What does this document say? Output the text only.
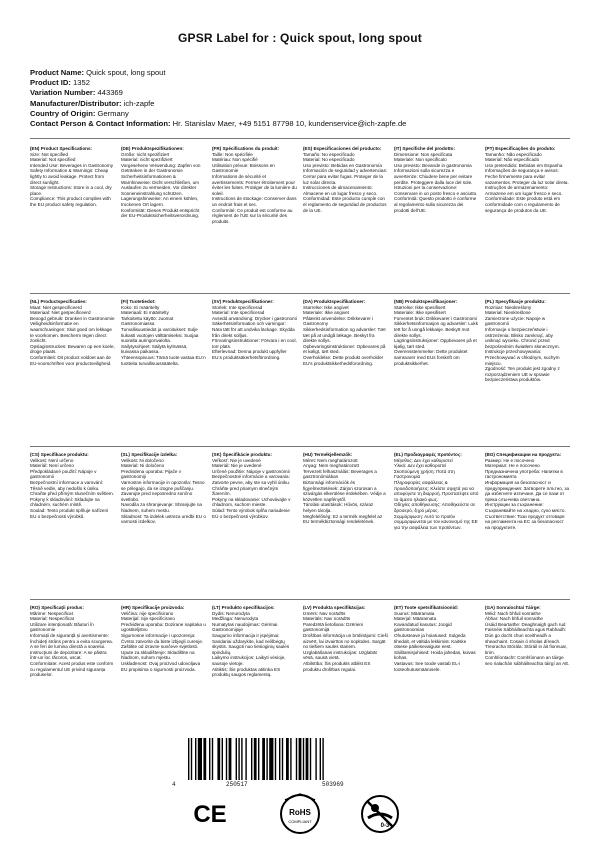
GPSR Label for : Quick spout, long spout
Product Name: Quick spout, long spout
Product ID: 1352
Variation Number: 443369
Manufacturer/Distributor: ich-zapfe
Country of Origin: Germany
Contact Person & Contact Information: Hr. Stanislav Maer, +49 5151 87798 10, kundenservice@ich-zapfe.de
(EN) Product Specifications:

Size: Not specified
Material: Not specified
Intended Use: Beverages in Gastronomy
Safety Information & Warnings: Cheap lightly to avoid leakage. Protect from direct sunlight.
Storage Instructions: Store in a cool, dry place.
Compliance: This product complies with the EU product safety regulation.

(DE) Produktspezifikationen:

Größe: nicht spezifiziert
Material: nicht spezifiziert
Vorgesehene Verwendung: Zapfen von Getränken in der Gastronomie
Sicherheitsinformationen & Warnhinweise: Dicht verschließen, um Auslaufen zu vermeiden. Vor direkter Sonneneinstrahlung schützen.
Lagerungshinweise: An einem kühlen, trockenen Ort lagern.
Konformität: Dieses Produkt entspricht der EU-Produktsicherheitsverordnung.

(FR) Spécifications du produit:

Taille: Non spécifiée
Matériau: Non spécifié
Utilisation prévue: Boissons en Gastronomie
Informations de sécurité et avertissements: Fermer étroitement pour éviter les fuites. Protéger de la lumière du soleil.
Instructions de stockage: Conserver dans un endroit frais et sec.
Conformité: Ce produit est conforme au règlement de l'UE sur la sécurité des produits.

(ES) Especificaciones del producto:

Tamaño: No especificado
Material: No especificado
Uso previsto: Bebidas en Gastronomía
Información de seguridad y advertencias: Cerrar para evitar fugas. Proteger de la luz solar directa.
Instrucciones de almacenamiento: Almacene en un lugar fresco y seco.
Conformidad: Este producto cumple con el reglamento de seguridad de productos de la UE.

(IT) Specifiche del prodotto:

Dimensione: Non specificata
Materiale: Non specificato
Uso previsto: Bevande in gastronomia
Informazioni sulla sicurezza e avvertenze: Chiudere bene per evitare perdite. Proteggere dalla luce del sole.
Istruzioni per la conservazione: Conservare in un posto fresco e asciutto.
Conformità: Questo prodotto è conforme al regolamento sulla sicurezza dei prodotti dell'UE.

(PT) Especificações do produto:

Tamanho: Não especificado
Material: Não especificado
Uso pretendido: Bebidas em Espanha
Informações de segurança e avisos: Feche firmemente para evitar vazamentos. Proteger da luz solar direta.
Instruções de armazenamento: Armazene em um lugar fresco e seco.
Conformidade: Este produto está em conformidade com o regulamento de segurança de produtos da UE.

(NL) Productspecificaties:

Maat: Niet gespecificeerd
Materiaal: Niet gespecificeerd
Beoogd gebruik: Dranken in Gastronomie
Veiligheidsinformatie en waarschuwingen: Sluit goed om lekkage te voorkomen. Bescherm tegen direct zonlicht.
Opslaginstructies: Bewaren op een koele, droge plaats.
Conformiteit: Dit product voldoet aan de EU-voorschriften voor productveiligheid.

(FI) Tuotetiedot:

Koko: Ei määritelty
Materiaali: Ei määritelty
Tarkoitettu käyttö: Juomat Gastronomiassa
Turvallisuustiedot ja varoitukset: Sulje tiukasti vuotojen välttämiseksi. Suojaa suoralta auringonvalolta.
Säilytysohjeet: Säilytä kylmässä, kuivassa paikassa.
Yhteensopivuus: Tämä tuote vastaa EU:n tuotteita turvallisuussäätelta.

(SV) Produktspecifikationer:

Storlek: Inte specificerad
Material: Inte specificerad
Avsedd användning: Drycker i gastronomi
Säkerhetsinformation och varningar: Nära tätt för att undvika läckage. Skydda från direkt solljus.
Förvaringsinstruktioner: Förvara i en cool, torr plats.
Efterlevnad: Denna produkt uppfyller EU:s produktsäkerhetsförordning.

(DA) Produktspecifikationer:

Størrelse: Ikke angivet
Materiale: Ikke angivet
Påtænkt anvendelse: Drikkevarer i Gastronomy
Sikkerhedsinformation og advarsler: Tæt tæt på at undgå lækage. Beskyt fra direkte sollys.
Opbevaringsinstruktioner: Opbevares på et køligt, tørt sted.
Overholdelse: Dette produkt overholder EU's produktsikkerhedsforordning.

(NB) Produktspesifikasjoner:

Størrelse: Ikke spesifisert
Materiale: Ikke spesifisert
Forventet bruk: Drikkevarer i Gastronomi
Sikkerhetsinformasjon og advarsler: Lukk tett for å unngå lekkasje. Beskytt mot direkte sollys.
Lagringsinstruksjoner: Oppbevares på et kjølig, tørt sted.
Overensstemmelse: Dette produktet samsvarer med EUs forskrift om produktsikkerhet.

(PL) Specyfikacje produktu:

Rozmiar: Nieokreślony
Materiał: Nieokreślone
Zamierzone użycie: Napoje w gastronomii
Informacje o bezpieczeństwie i ostrzeżenia: Blisko zamknąć, aby uniknąć wycieku. Chronić przed bezpośrednim światłem słonecznym.
Instrukcje przechowywania: Przechowywać w chłodnym, suchym miejscu.
Zgodność: Ten produkt jest zgodny z rozporządzeniem UE w sprawie bezpieczeństwa produktów.

(CS) Specifikace produktu:

Velikost: Není určeno
Materiál: Není určeno
Předpokládané použití: Nápoje v gastronomii
Bezpečnostní informace a varování: Těsně vedle, aby nedošlo k úniku. Chraňte před přímým slunečním světlem.
Pokyny k skladování: Skladujte na chladném, suchém místě.
Soulad: Tento produkt splňuje nařízení EU o bezpečnosti výrobků.

(SL) Specifikacije izdelka:

Velikost: Ni določeno
Material: Ni določeno
Predvidena uporaba: Pijače v gastronomiji
Varnostne informacije in opozorila: Tesno se prilegajo, da se izogne puščanju. Zavarujte pred neposredno sončno svetlobo.
Navodila za shranjevanje: Shranjujte na hladnem, suhem mestu.
Skladnost: Ta izdelek ustreza uredbi EU o varnosti izdelkov.

(SK) Špecifikácie produktu:

Veľkosť: Nie je uvedené
Materiál: Nie je uvedené
Určené použitie: Nápoje v gastronómii
Bezpečnostné informácie a varovania: Zatvorte pevne, aby ste sa vyhli úniku. Chráňte pred priamym slnečným žiarením.
Pokyny na skladovanie: Uchovávajte v chladnom, suchom mieste.
Súlad: Tento výrobok spĺňa nariadenie EÚ o bezpečnosti výrobkov.

(HU) Termékjellemzők:

Méret: Nem meghatározott
Anyag: Nem meghatározott
Tervezett felhasználás: Beverages a gasztronómiában
Biztonsági információk és figyelmeztetések: Zárjon szorosan a szivárgás elkerülése érdekében. Védje a közvetlen napfénytől.
Tárolási utasítások: Hűvös, száraz helyen tárolja.
Megfelelőség: Ez a termék megfelel az EU termékbiztonsági rendeletének.

(EL) Προδιαγραφές προϊόντος:

Μέγεθος: Δεν έχει καθοριστεί
Υλικό: Δεν έχει καθοριστεί
Σκοπούμενη χρήση: Ποτά στη Γαστρονομία
Πληροφορίες ασφάλειας & προειδοποιήσεις: Κλείστε σφιχτά για να αποφύγετε τη διαρροή. Προστατέψτε από το άμεσο ηλιακό φως.
Οδηγίες αποθήκευσης: Αποθηκεύστε σε δροσερό, ξηρό μέρος.
Συμμόρφωση: Αυτό το προϊόν συμμορφώνεται με τον κανονισμό της ΕΕ για την ασφάλεια των προϊόντων.

(BG) Спецификации на продукта:

Размер: Не е посочено
Материал: Не е посочено
Предназначена употреба: Напитки в гастрономията
Информация за безопасност и предупреждения: Затворете плътно, за да избегнете изтичане. Да се пази от пряка слънчева светлина.
Инструкции за съхранение: Съхранявайте на хладно, сухо място.
Съответствие: Този продукт отговаря на регламента на ЕС за безопасност на продуктите.

(RO) Specificații produs:

Mărime: Nespecificat
Material: Nespecificat
Utilizare intenționată: Băuturi în gastronomie
Informații de siguranță și avertismente: Închideți strâns pentru a evita scurgerea. A se feri de lumina directă a soarelui.
Instrucțiuni de depozitare: A se păstra într-un loc răcoros, uscat.
Conformitate: Acest produs este conform cu regulamentul UE privind siguranța produselor.

(HR) Specifikacije proizvoda:

Veličina: nije specificirano
Materijal: nije specificirano
Predviđena uporaba: Dozirane napitaka u ugostiteljstvu
Sigurnosne informacije i upozorenja: Čvrsto zatvorite da biste izbjegli curenje. Zaštitite od izravne sunčeve svjetlosti.
Upute za skladištenje: Skladištite na hladnom, suhom mjestu.
Usklađenost: Ovaj proizvod udovoljava EU propisima o sigurnosti proizvoda.

(LT) Produkto specifikacijos:

Dydis: Nenurodyta
Medžiaga: Nenurodyta
Numatytas naudojimas: Gėrimai Gastronomijoje
Saugumo informacija ir įspėjimai: Sandariai uždarykite, kad neišbėgtų skystis. Saugoti nuo tiesioginių saulės spindulių.
Laikymo instrukcijos: Laikyti vėsioje, sausoje vietoje.
Atitiktis: Šis produktas atitinka ES produktų saugos reglamentą.

(LV) Produkta specifikācijas:

Izmērs: Nav norādīts
Materiāls: Nav norādīts
Paredzētā lietošana: Dzērieni gastronomijā
Drošības informācija un brīdinājumi: Cieši aizvērt, lai izvairītos no noplūdes. Sargāt no tiešiem saules stariem.
Uzglabāšanas instrukcijas: Uzglabāt vēsā, sausā vietā.
Atbilstība: Šis produkts atbilst ES produktu drošības regulai.

(ET) Toote spetsifikatsioonid:

Suurus: Määramata
Materjal: Määramata
Kavandatud kasutus: Joogid gastronoomias
Ohutusteave ja hoiatused: Sulgeda tihedalt, et vältida lekkimist. Kaitske otsese päikesevalguse eest.
Säilitamisjuhised: Hoida jahedas, kuivas kohas.
Vastavus: See toode vastab EL-i tooteohutusmäärusele.

(GA) Sonraíochtaí Táirge:

Méid: Nach bhfuil sonraithe
Ábhar: Nach bhfuil sonraithe
Úsáid Beartaithe: Deaghnaigh gach rud
Faisnéis Sábháilteachta agus Rabhadh: Dún go docht chun sceitheadh a sheachaint. Cosain ó sholas díreach.
Treoracha Stórála: Stóráil in áit fionnuar, tirim.
Comhlíontacht: Comhlíonann an táirge seo rialachán sábháilteachta táirgí an AE.

4	250517	503969
CE	RoHS
COMPLIANT
0-3
